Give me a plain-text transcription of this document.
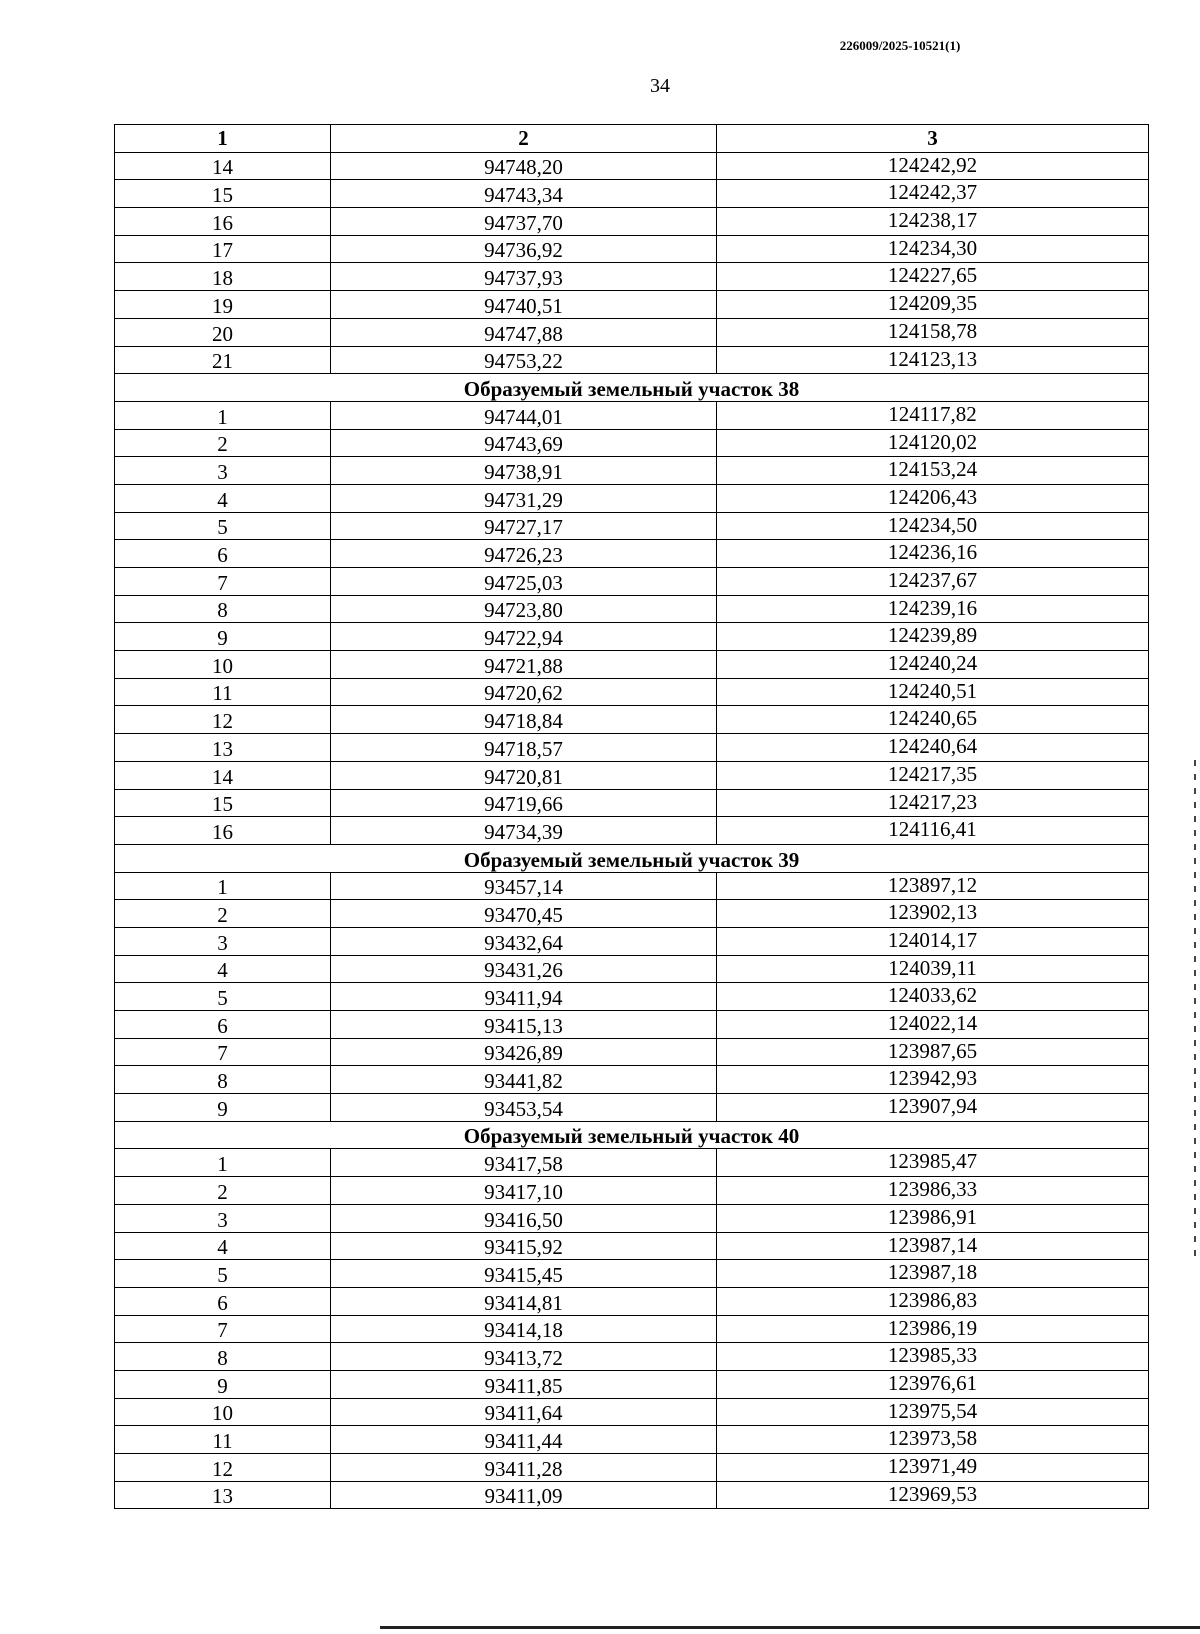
226009/2025-10521(1)
34
1	2	3
14	94748,20	124242,92
15	94743,34	124242,37
16	94737,70	124238,17
17	94736,92	124234,30
18	94737,93	124227,65
19	94740,51	124209,35
20	94747,88	124158,78
21	94753,22	124123,13
Образуемый земельный участок 38		
1	94744,01	124117,82
2	94743,69	124120,02
3	94738,91	124153,24
4	94731,29	124206,43
5	94727,17	124234,50
6	94726,23	124236,16
7	94725,03	124237,67
8	94723,80	124239,16
9	94722,94	124239,89
10	94721,88	124240,24
11	94720,62	124240,51
12	94718,84	124240,65
13	94718,57	124240,64
14	94720,81	124217,35
15	94719,66	124217,23
16	94734,39	124116,41
Образуемый земельный участок 39		
1	93457,14	123897,12
2	93470,45	123902,13
3	93432,64	124014,17
4	93431,26	124039,11
5	93411,94	124033,62
6	93415,13	124022,14
7	93426,89	123987,65
8	93441,82	123942,93
9	93453,54	123907,94
Образуемый земельный участок 40		
1	93417,58	123985,47
2	93417,10	123986,33
3	93416,50	123986,91
4	93415,92	123987,14
5	93415,45	123987,18
6	93414,81	123986,83
7	93414,18	123986,19
8	93413,72	123985,33
9	93411,85	123976,61
10	93411,64	123975,54
11	93411,44	123973,58
12	93411,28	123971,49
13	93411,09	123969,53
